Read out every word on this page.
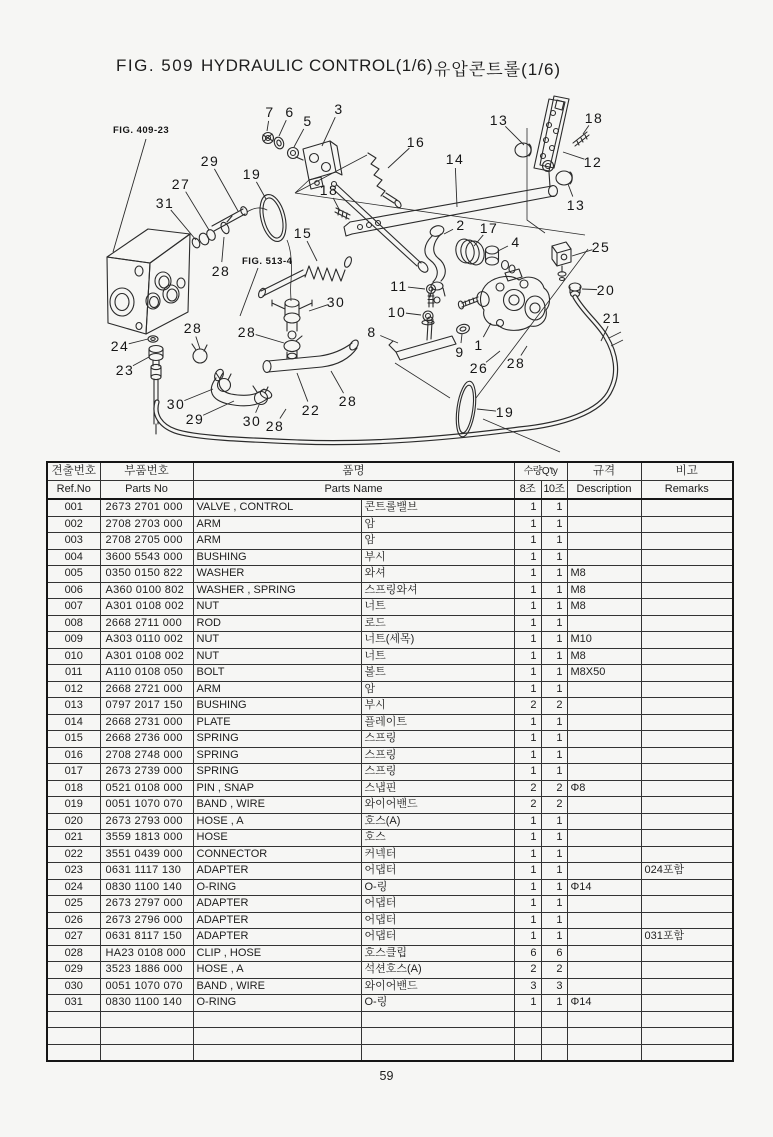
FIG. 509 HYDRAULIC CONTROL(1/6) 유압콘트롤(1/6)
FIG. 409-23
FIG. 513-4
7 6
5
3
16
13	18
12
13
14
29
27
31
19
18
15	2 17
4	25
20
21
11
10
8
9 1
26 28
19
24
23
28	28
30
30
29	30 28
28
22
28
견출번호	부품번호	품명		수량Q'ty		규격	비고
Ref.No	Parts No	Parts Name		8조	10조	Description	Remarks
001	2673 2701 000	VALVE , CONTROL	콘트롤밸브	1	1		
002	2708 2703 000	ARM	암	1	1		
003	2708 2705 000	ARM	암	1	1		
004	3600 5543 000	BUSHING	부시	1	1		
005	0350 0150 822	WASHER	와셔	1	1	M8	
006	A360 0100 802	WASHER , SPRING	스프링와셔	1	1	M8	
007	A301 0108 002	NUT	너트	1	1	M8	
008	2668 2711 000	ROD	로드	1	1		
009	A303 0110 002	NUT	너트(세목)	1	1	M10	
010	A301 0108 002	NUT	너트	1	1	M8	
011	A110 0108 050	BOLT	볼트	1	1	M8X50	
012	2668 2721 000	ARM	암	1	1		
013	0797 2017 150	BUSHING	부시	2	2		
014	2668 2731 000	PLATE	플레이트	1	1		
015	2668 2736 000	SPRING	스프링	1	1		
016	2708 2748 000	SPRING	스프링	1	1		
017	2673 2739 000	SPRING	스프링	1	1		
018	0521 0108 000	PIN , SNAP	스냅핀	2	2	Φ8	
019	0051 1070 070	BAND , WIRE	와이어밴드	2	2		
020	2673 2793 000	HOSE , A	호스(A)	1	1		
021	3559 1813 000	HOSE	호스	1	1		
022	3551 0439 000	CONNECTOR	커넥터	1	1		
023	0631 1117 130	ADAPTER	어댑터	1	1		024포함
024	0830 1100 140	O-RING	O-링	1	1	Φ14	
025	2673 2797 000	ADAPTER	어댑터	1	1		
026	2673 2796 000	ADAPTER	어댑터	1	1		
027	0631 8117 150	ADAPTER	어댑터	1	1		031포함
028	HA23 0108 000	CLIP , HOSE	호스클립	6	6		
029	3523 1886 000	HOSE , A	석션호스(A)	2	2		
030	0051 1070 070	BAND , WIRE	와이어밴드	3	3		
031	0830 1100 140	O-RING	O-링	1	1	Φ14	

59
